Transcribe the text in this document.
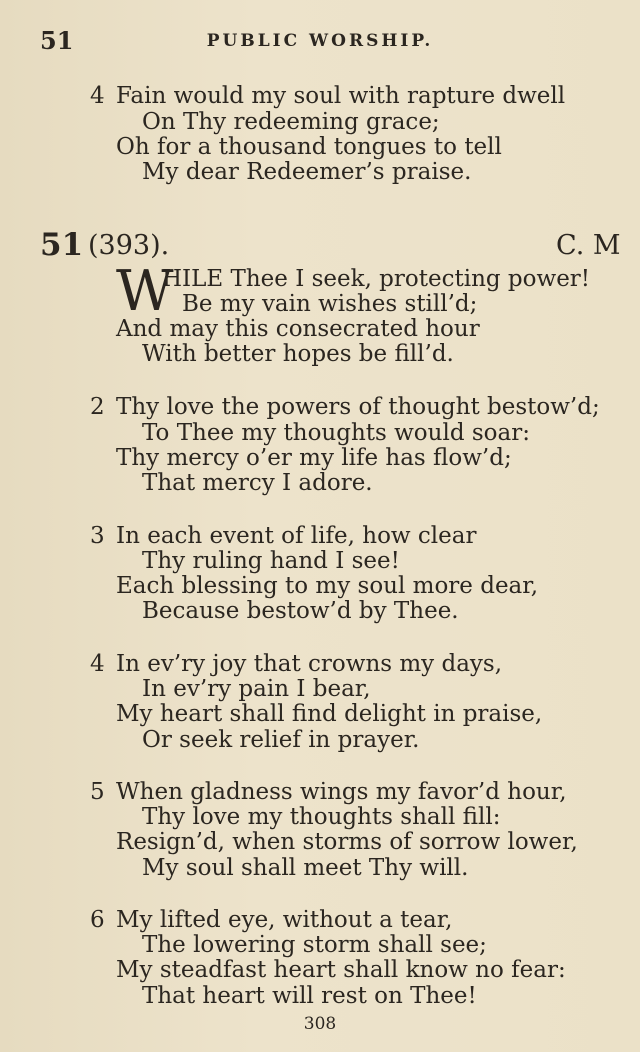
51	PUBLIC WORSHIP.
4 Fain would my soul with rapture dwell
On Thy redeeming grace;
Oh for a thousand tongues to tell
My dear Redeemer’s praise.
51 (393).	C. M
W
HILE Thee I seek, protecting power!
Be my vain wishes still’d;
And may this consecrated hour
With better hopes be fill’d.
2 Thy love the powers of thought bestow’d;
To Thee my thoughts would soar:
Thy mercy o’er my life has flow’d;
That mercy I adore.
3 In each event of life, how clear
Thy ruling hand I see!
Each blessing to my soul more dear,
Because bestow’d by Thee.
4 In ev’ry joy that crowns my days,
In ev’ry pain I bear,
My heart shall find delight in praise,
Or seek relief in prayer.
5 When gladness wings my favor’d hour,
Thy love my thoughts shall fill:
Resign’d, when storms of sorrow lower,
My soul shall meet Thy will.
6 My lifted eye, without a tear,
The lowering storm shall see;
My steadfast heart shall know no fear:
That heart will rest on Thee!
308
